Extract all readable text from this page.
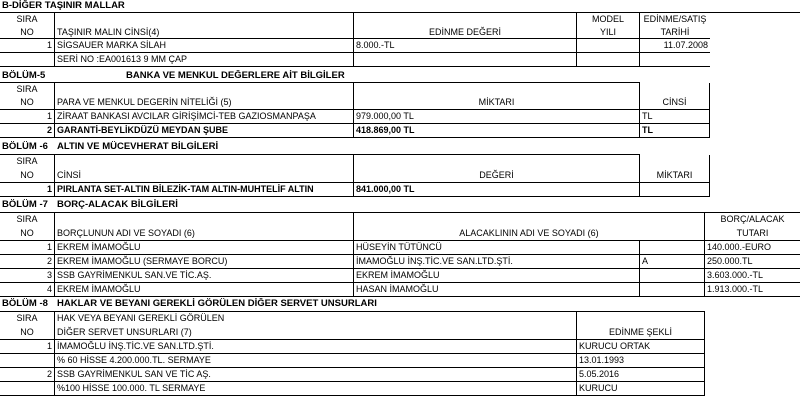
B-DİĞER TAŞINIR MALLAR
SIRA	MODEL	EDİNME/SATIŞ
NO	TAŞINIR MALIN CİNSİ(4)	EDİNME DEĞERİ	YILI	TARİHİ
1 SİGSAUER MARKA SİLAH	8.000.-TL	11.07.2008
SERİ NO :EA001613 9 MM ÇAP
BÖLÜM-5	BANKA VE MENKUL DEĞERLERE AİT BİLGİLER
SIRA
NO	PARA VE MENKUL DEGERİN NİTELİĞİ (5)	MİKTARI	CİNSİ
1 ZİRAAT BANKASI AVCILAR GİRİŞİMCİ-TEB GAZIOSMANPAŞA	979.000,00 TL	TL
2 GARANTİ-BEYLİKDÜZÜ MEYDAN ŞUBE	418.869,00 TL	TL
BÖLÜM -6 ALTIN VE MÜCEVHERAT BİLGİLERİ
SIRA
NO	CİNSİ	DEĞERİ	MİKTARI
1 PIRLANTA SET-ALTIN BİLEZİK-TAM ALTIN-MUHTELİF ALTIN	841.000,00 TL
BÖLÜM -7 BORÇ-ALACAK BİLGİLERİ
SIRA	BORÇ/ALACAK
NO	BORÇLUNUN ADI VE SOYADI (6)	ALACAKLININ ADI VE SOYADI (6)	TUTARI
1 EKREM İMAMOĞLU	HÜSEYİN TÜTÜNCÜ	140.000.-EURO
2 EKREM İMAMOĞLU (SERMAYE BORCU)	İMAMOĞLU İNŞ.TİC.VE SAN.LTD.ŞTİ.	A	250.000.TL
3 SSB GAYRİMENKUL SAN.VE TİC.AŞ.	EKREM İMAMOĞLU	3.603.000.-TL
4 EKREM İMAMOĞLU	HASAN İMAMOĞLU	1.913.000.-TL
BÖLÜM -8 HAKLAR VE BEYANI GEREKLİ GÖRÜLEN DİĞER SERVET UNSURLARI
SIRA	HAK VEYA BEYANI GEREKLİ GÖRÜLEN
NO	DİĞER SERVET UNSURLARI (7)	EDİNME ŞEKLİ
1 İMAMOĞLU İNŞ.TİC.VE SAN.LTD.ŞTİ.	KURUCU ORTAK
% 60 HİSSE 4.200.000.TL. SERMAYE	13.01.1993
2 SSB GAYRİMENKUL SAN VE TİC AŞ.	5.05.2016
%100 HİSSE 100.000. TL SERMAYE	KURUCU
